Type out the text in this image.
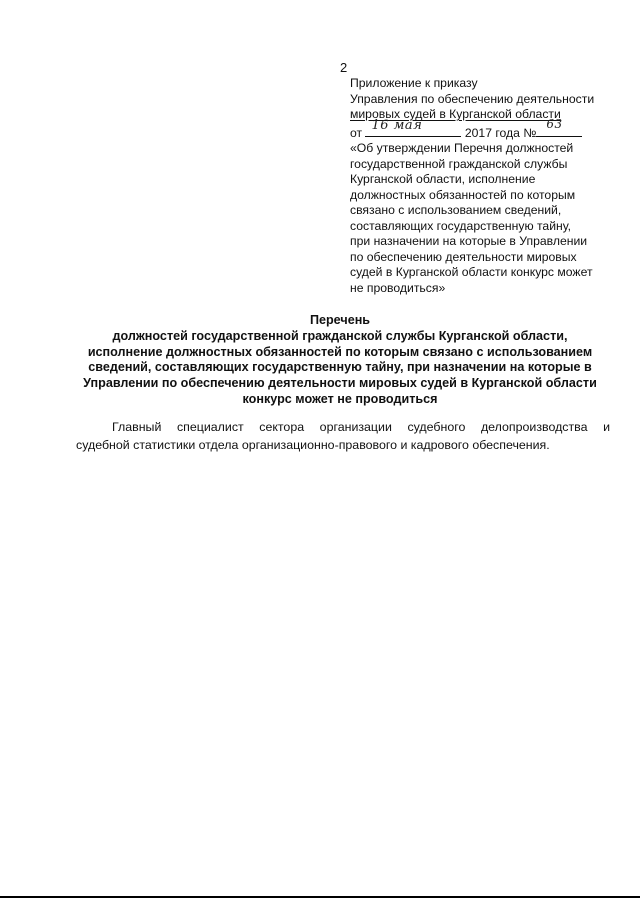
2
Приложение к приказу
Управления по обеспечению деятельности
мировых судей в Курганской области
от 16 мая	2017 года №
63
«Об утверждении Перечня должностей
государственной гражданской службы
Курганской области, исполнение
должностных обязанностей по которым
связано с использованием сведений,
составляющих государственную тайну,
при назначении на которые в Управлении
по обеспечению деятельности мировых
судей в Курганской области конкурс может
не проводиться»
Перечень
должностей государственной гражданской службы Курганской области,
исполнение должностных обязанностей по которым связано с использованием
сведений, составляющих государственную тайну, при назначении на которые в
Управлении по обеспечению деятельности мировых судей в Курганской области
конкурс может не проводиться
Главный специалист сектора организации судебного делопроизводства и
судебной статистики отдела организационно-правового и кадрового обеспечения.
